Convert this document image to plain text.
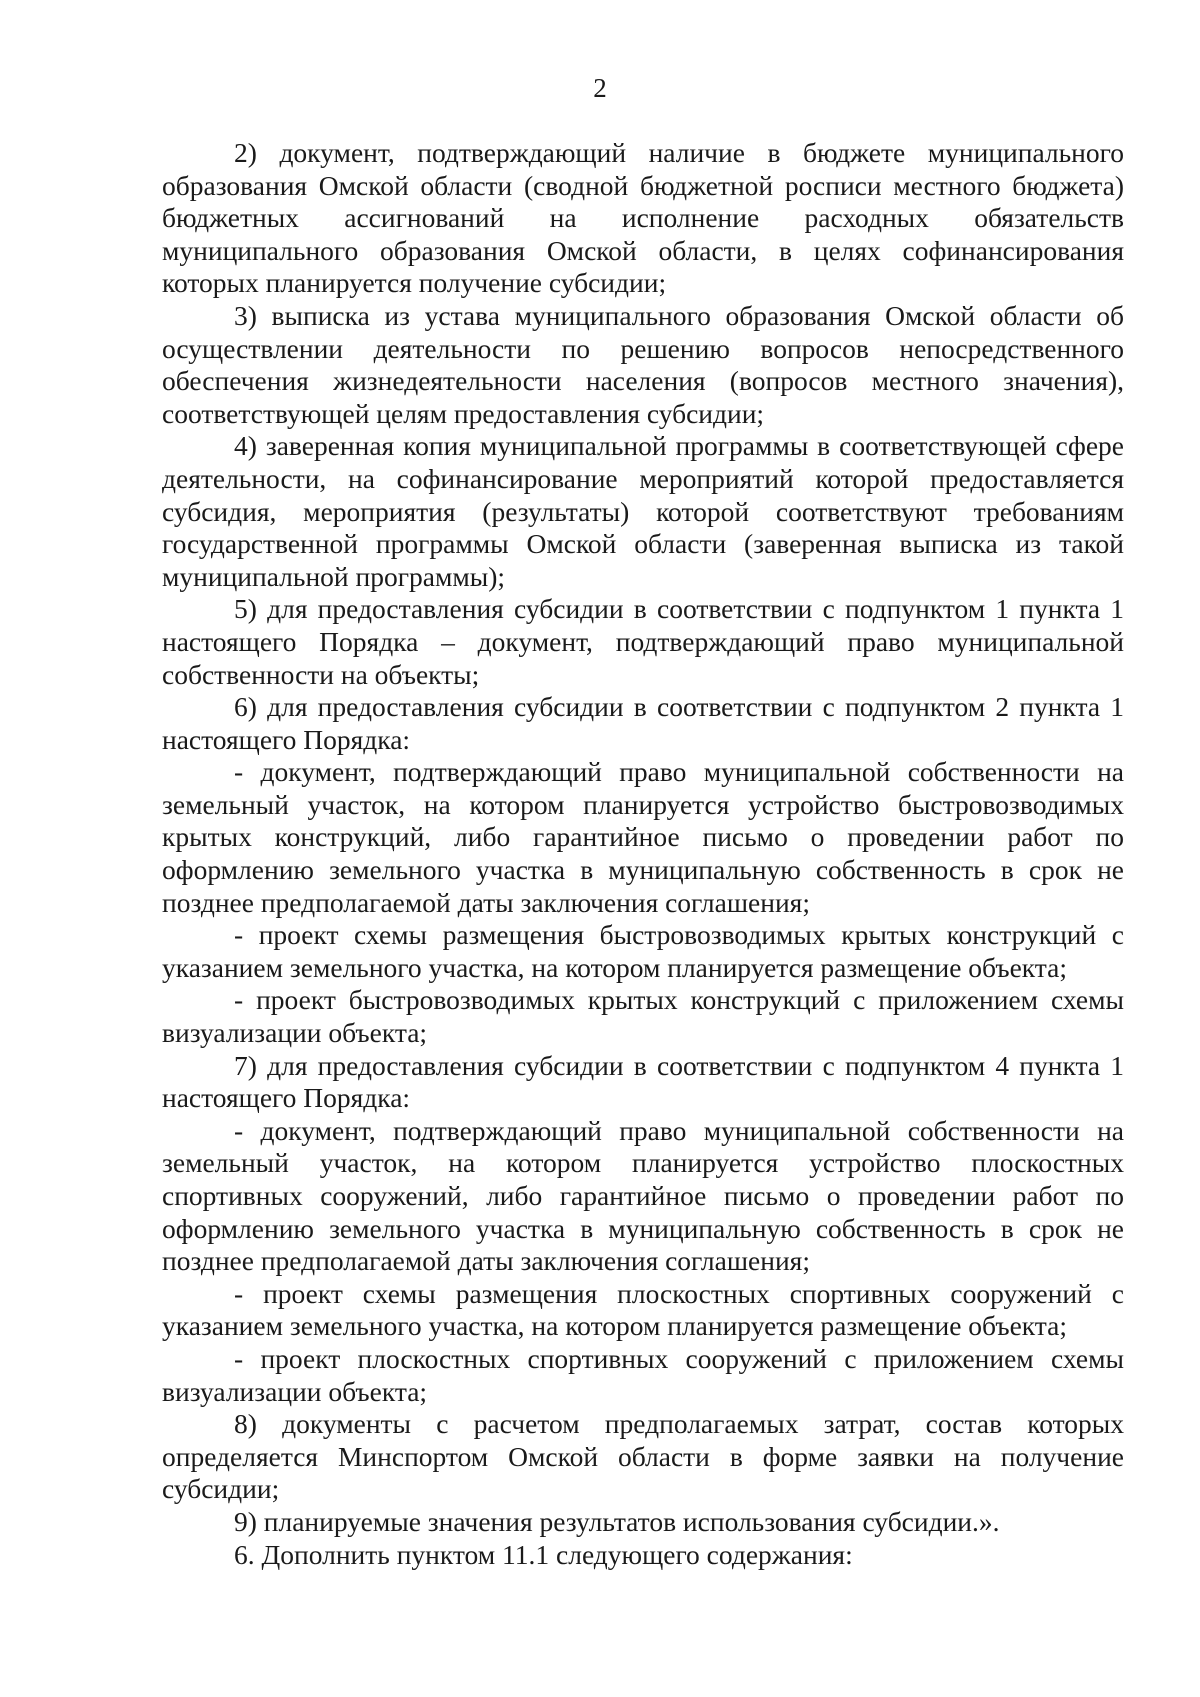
2

2) документ, подтверждающий наличие в бюджете муниципального образования Омской области (сводной бюджетной росписи местного бюджета) бюджетных ассигнований на исполнение расходных обязательств муниципального образования Омской области, в целях софинансирования которых планируется получение субсидии;

3) выписка из устава муниципального образования Омской области об осуществлении деятельности по решению вопросов непосредственного обеспечения жизнедеятельности населения (вопросов местного значения), соответствующей целям предоставления субсидии;

4) заверенная копия муниципальной программы в соответствующей сфере деятельности, на софинансирование мероприятий которой предоставляется субсидия, мероприятия (результаты) которой соответствуют требованиям государственной программы Омской области (заверенная выписка из такой муниципальной программы);

5) для предоставления субсидии в соответствии с подпунктом 1 пункта 1 настоящего Порядка – документ, подтверждающий право муниципальной собственности на объекты;

6) для предоставления субсидии в соответствии с подпунктом 2 пункта 1 настоящего Порядка:

- документ, подтверждающий право муниципальной собственности на земельный участок, на котором планируется устройство быстровозводимых крытых конструкций, либо гарантийное письмо о проведении работ по оформлению земельного участка в муниципальную собственность в срок не позднее предполагаемой даты заключения соглашения;

- проект схемы размещения быстровозводимых крытых конструкций с указанием земельного участка, на котором планируется размещение объекта;

- проект быстровозводимых крытых конструкций с приложением схемы визуализации объекта;

7) для предоставления субсидии в соответствии с подпунктом 4 пункта 1 настоящего Порядка:

- документ, подтверждающий право муниципальной собственности на земельный участок, на котором планируется устройство плоскостных спортивных сооружений, либо гарантийное письмо о проведении работ по оформлению земельного участка в муниципальную собственность в срок не позднее предполагаемой даты заключения соглашения;

- проект схемы размещения плоскостных спортивных сооружений с указанием земельного участка, на котором планируется размещение объекта;

- проект плоскостных спортивных сооружений с приложением схемы визуализации объекта;

8) документы с расчетом предполагаемых затрат, состав которых определяется Минспортом Омской области в форме заявки на получение субсидии;

9) планируемые значения результатов использования субсидии.».

6. Дополнить пунктом 11.1 следующего содержания:
